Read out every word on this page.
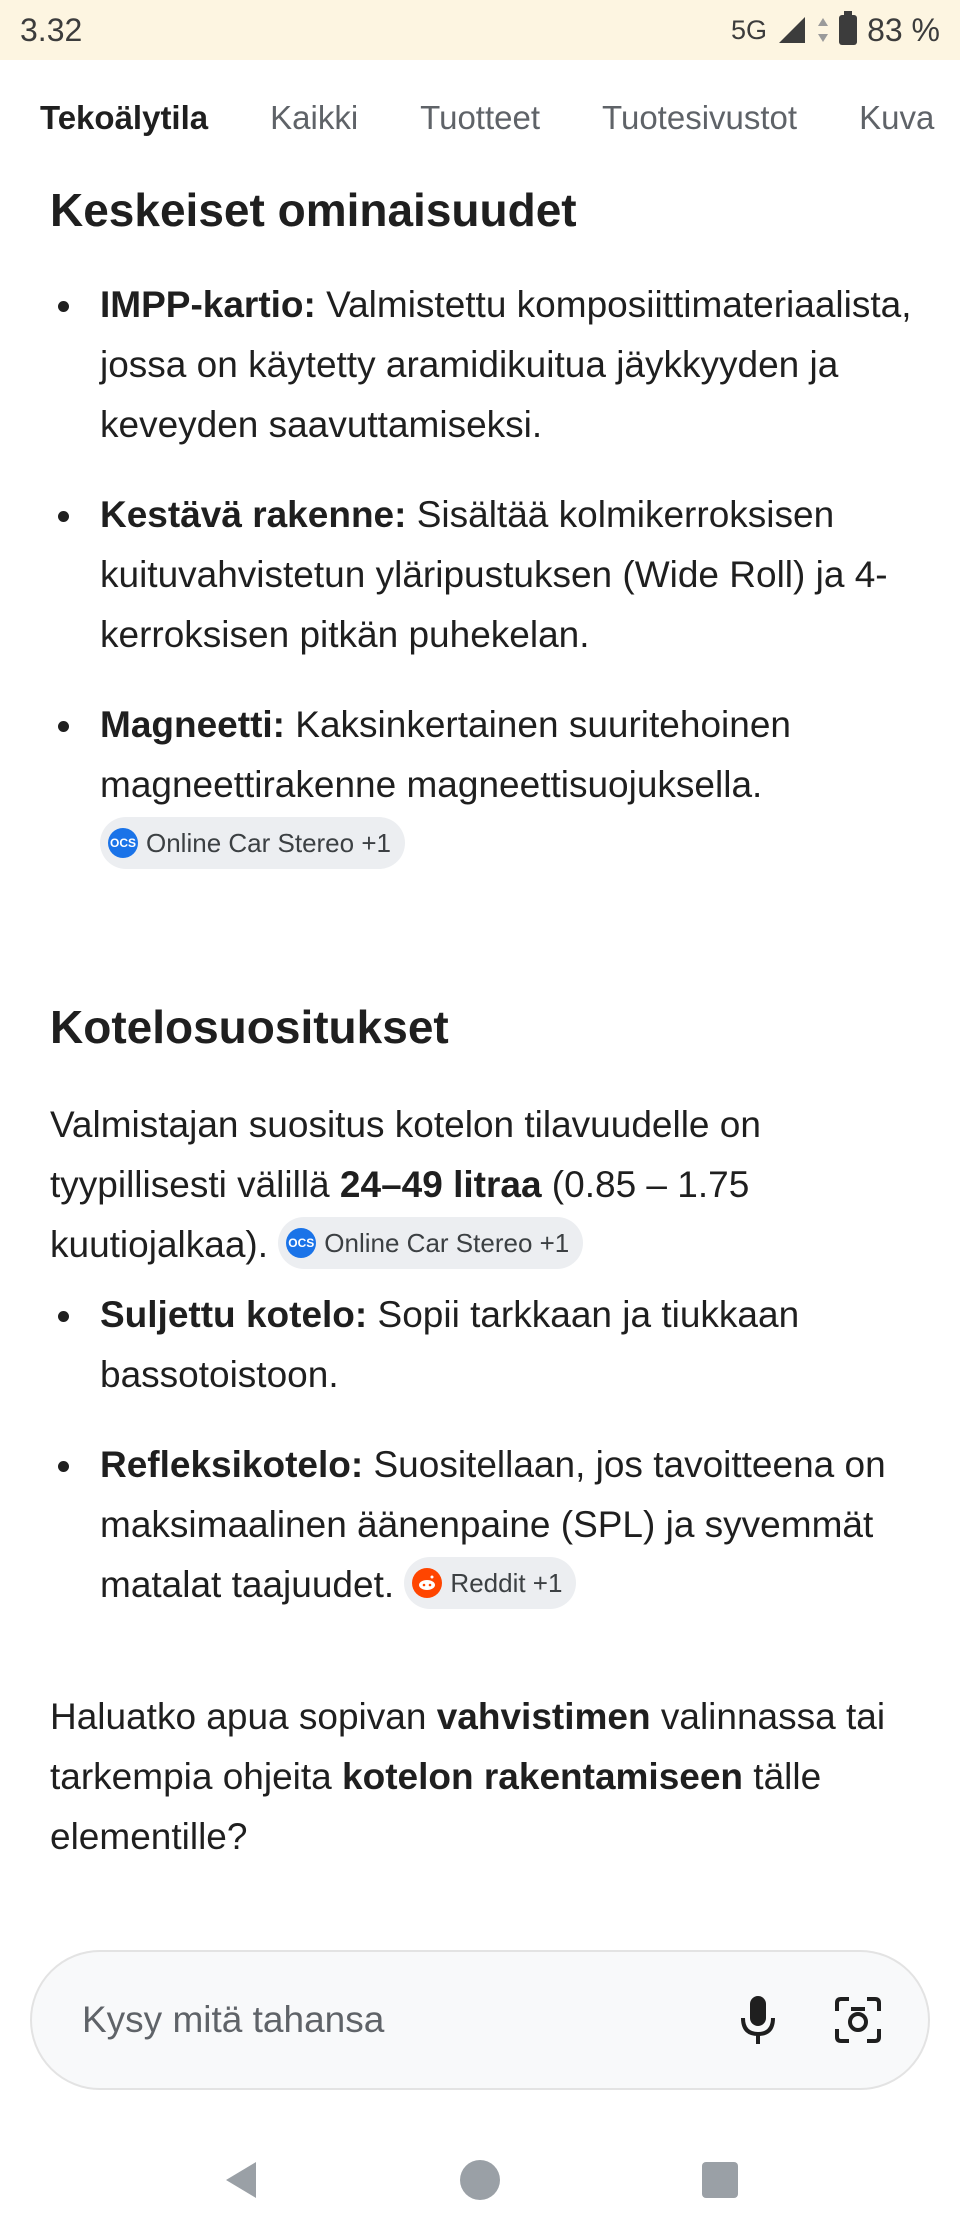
3.32	5G	83 %
Tekoälytila Kaikki Tuotteet Tuotesivustot Kuva
Keskeiset ominaisuudet
IMPP-kartio: Valmistettu komposiittimateriaalista, jossa on käytetty aramidikuitua jäykkyyden ja keveyden saavuttamiseksi.
Kestävä rakenne: Sisältää kolmikerroksisen kuituvahvistetun yläripustuksen (Wide Roll) ja 4-kerroksisen pitkän puhekelan.
Magneetti: Kaksinkertainen suuritehoinen magneettirakenne magneettisuojuksella.
OCS Online Car Stereo +1
Kotelosuositukset

Valmistajan suositus kotelon tilavuudelle on tyypillisesti välillä 24–49 litraa (0.85 – 1.75 kuutiojalkaa). OCS Online Car Stereo +1

Suljettu kotelo: Sopii tarkkaan ja tiukkaan bassotoistoon.
Refleksikotelo: Suositellaan, jos tavoitteena on maksimaalinen äänenpaine (SPL) ja syvemmät matalat taajuudet. Reddit +1

Haluatko apua sopivan vahvistimen valinnassa tai tarkempia ohjeita kotelon rakentamiseen tälle elementille?

Kysy mitä tahansa
